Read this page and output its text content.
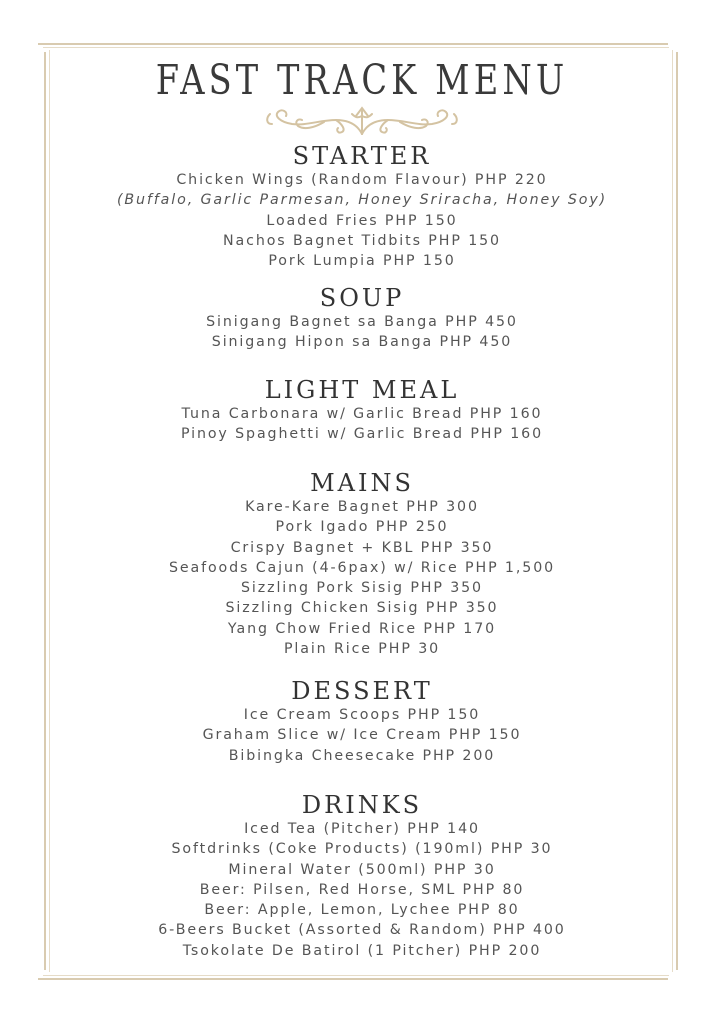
FAST TRACK MENU
STARTER
Chicken Wings (Random Flavour) PHP 220
(Buffalo, Garlic Parmesan, Honey Sriracha, Honey Soy)
Loaded Fries PHP 150
Nachos Bagnet Tidbits PHP 150
Pork Lumpia PHP 150
SOUP
Sinigang Bagnet sa Banga PHP 450
Sinigang Hipon sa Banga PHP 450
LIGHT MEAL
Tuna Carbonara w/ Garlic Bread PHP 160
Pinoy Spaghetti w/ Garlic Bread PHP 160
MAINS
Kare-Kare Bagnet PHP 300
Pork Igado PHP 250
Crispy Bagnet + KBL PHP 350
Seafoods Cajun (4-6pax) w/ Rice PHP 1,500
Sizzling Pork Sisig PHP 350
Sizzling Chicken Sisig PHP 350
Yang Chow Fried Rice PHP 170
Plain Rice PHP 30
DESSERT
Ice Cream Scoops PHP 150
Graham Slice w/ Ice Cream PHP 150
Bibingka Cheesecake PHP 200
DRINKS
Iced Tea (Pitcher) PHP 140
Softdrinks (Coke Products) (190ml) PHP 30
Mineral Water (500ml) PHP 30
Beer: Pilsen, Red Horse, SML PHP 80
Beer: Apple, Lemon, Lychee PHP 80
6-Beers Bucket (Assorted & Random) PHP 400
Tsokolate De Batirol (1 Pitcher) PHP 200
